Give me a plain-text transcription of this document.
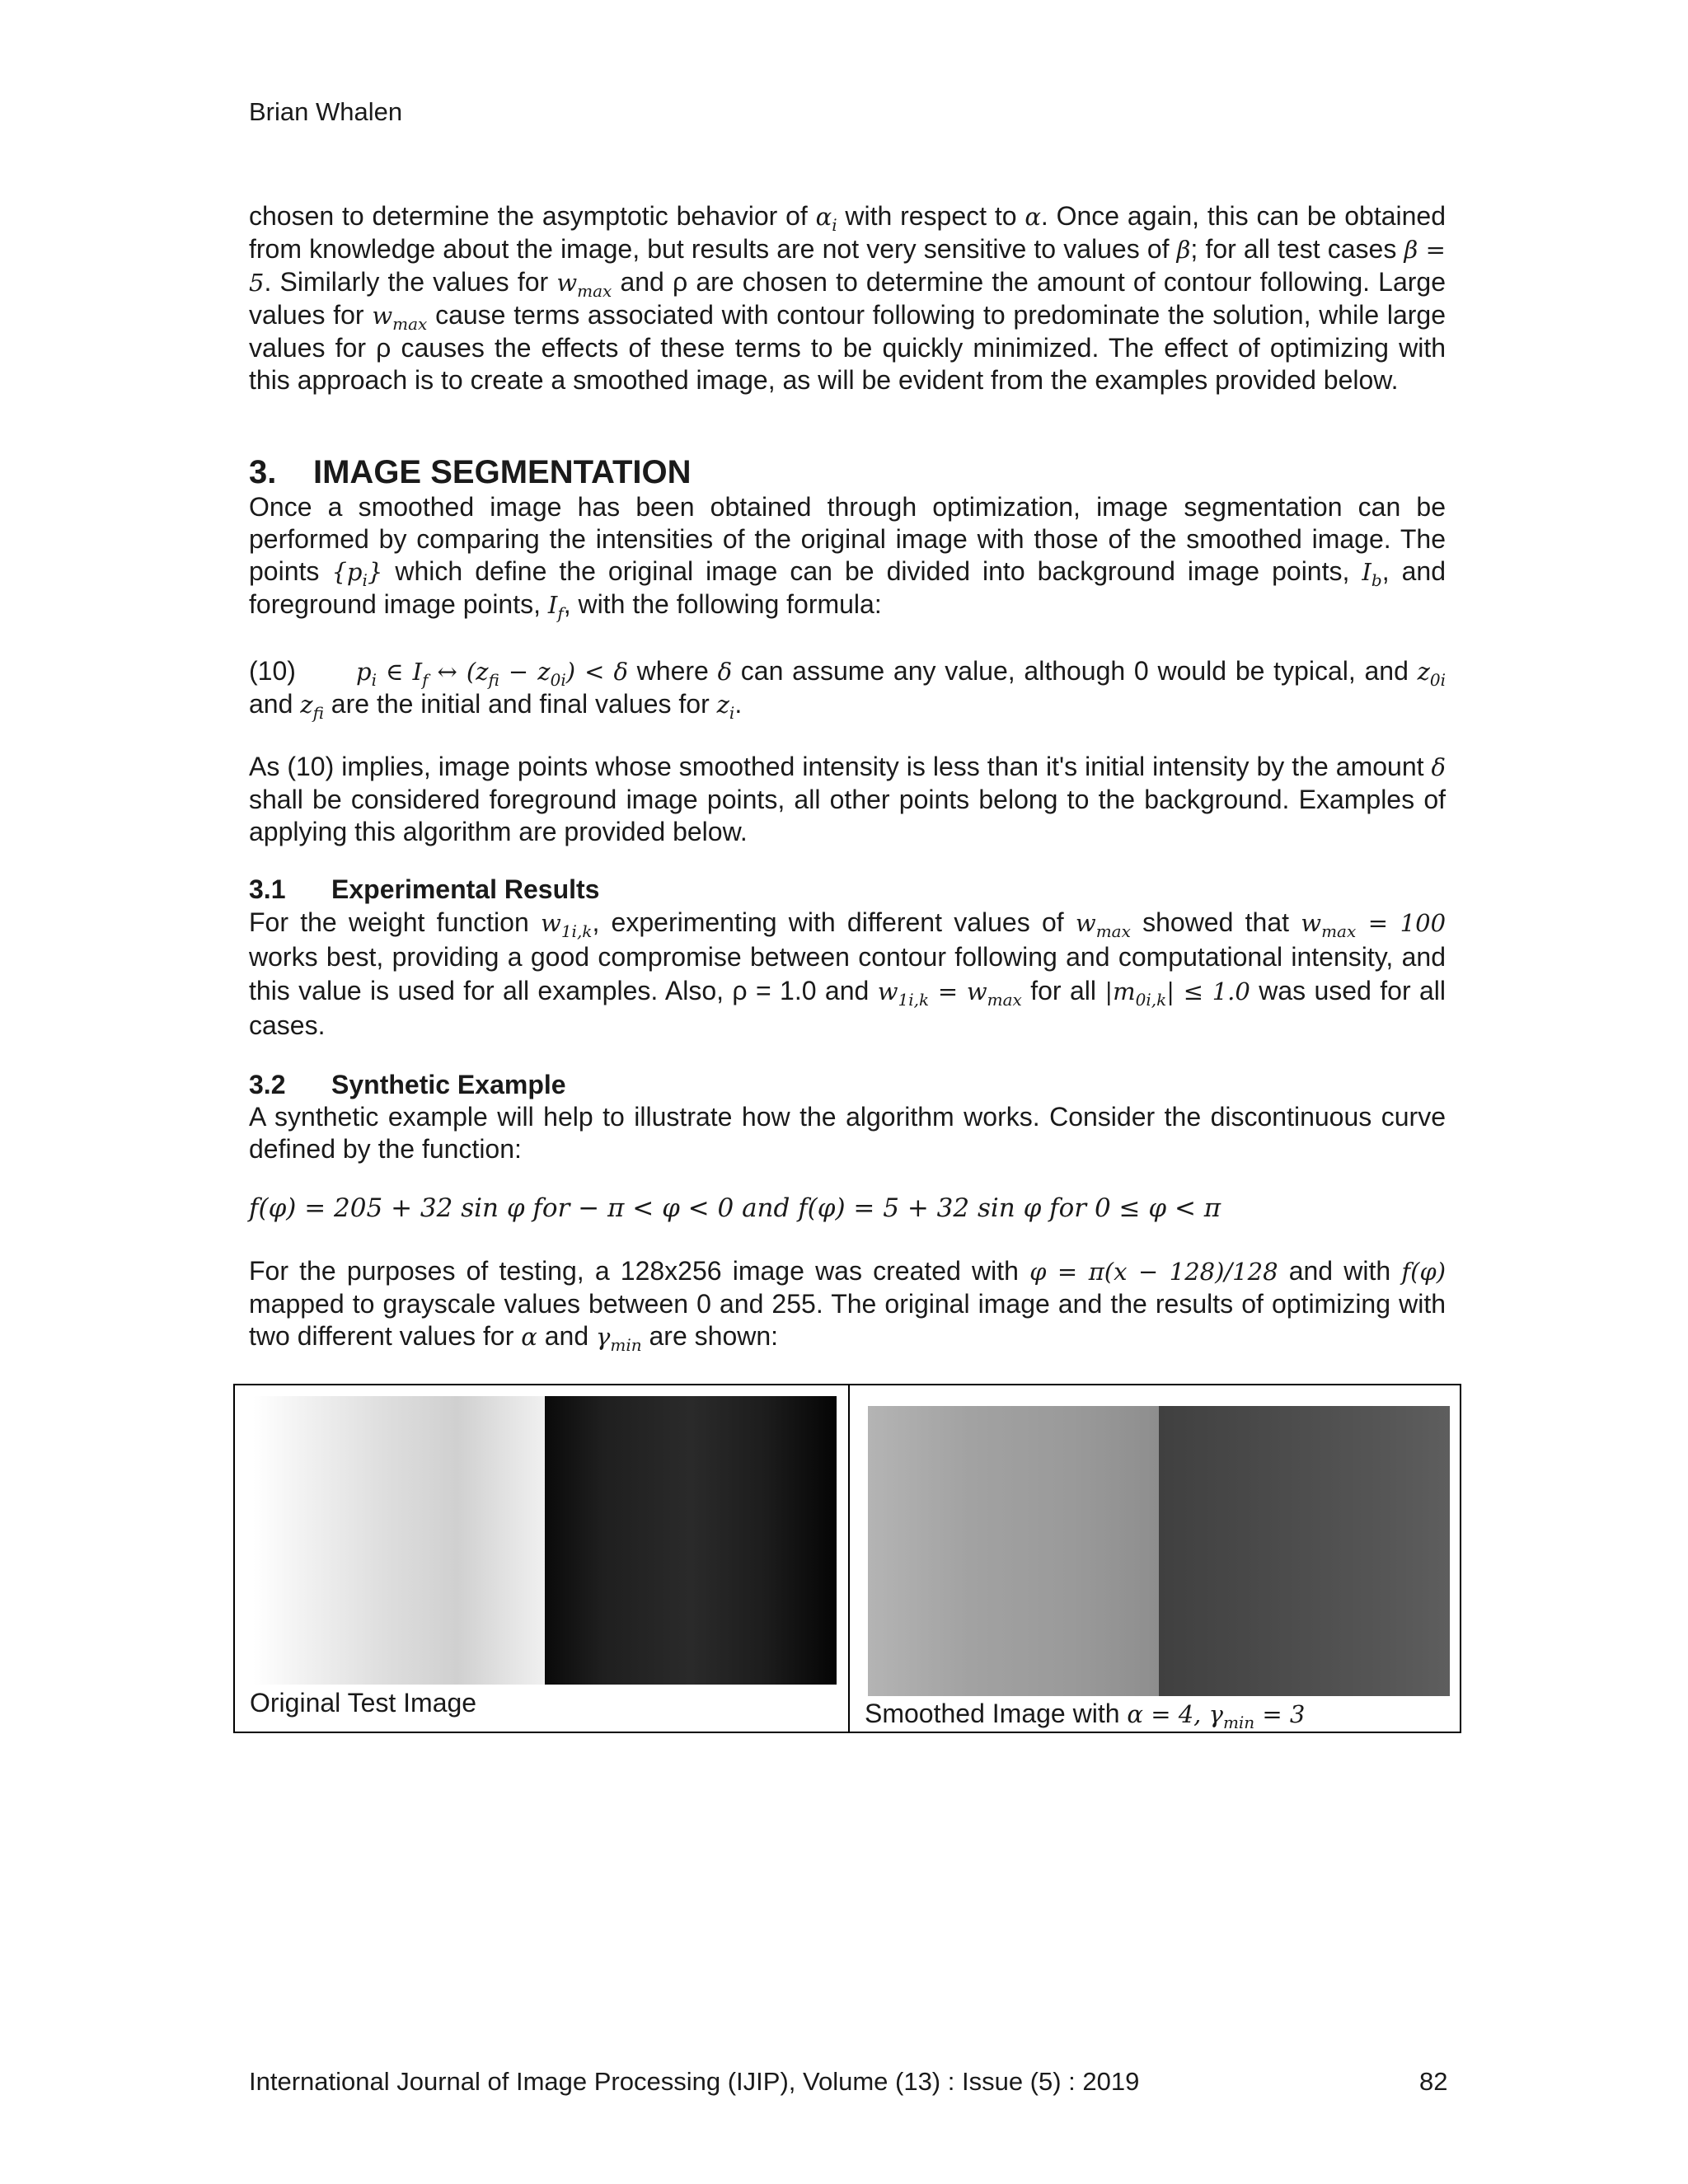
Brian Whalen

chosen to determine the asymptotic behavior of $\alpha_i$ with respect to α. Once again, this can be obtained from knowledge about the image, but results are not very sensitive to values of β; for all test cases β = 5. Similarly the values for $w_{max}$ and ρ are chosen to determine the amount of contour following. Large values for $w_{max}$ cause terms associated with contour following to predominate the solution, while large values for ρ causes the effects of these terms to be quickly minimized. The effect of optimizing with this approach is to create a smoothed image, as will be evident from the examples provided below.

3. IMAGE SEGMENTATION

Once a smoothed image has been obtained through optimization, image segmentation can be performed by comparing the intensities of the original image with those of the smoothed image. The points $\{p_i\}$ which define the original image can be divided into background image points, $I_b$, and foreground image points, $I_f$, with the following formula:

(10)	$p_i$ ∈ $I_f$ ↔ $(z_{fi} - z_{0i}) < \delta$ where δ can assume any value, although 0 would be typical, and $z_{0i}$ and $z_{fi}$ are the initial and final values for $z_i$.

As (10) implies, image points whose smoothed intensity is less than it's initial intensity by the amount δ shall be considered foreground image points, all other points belong to the background. Examples of applying this algorithm are provided below.

3.1 Experimental Results

For the weight function $w_{1i,k}$, experimenting with different values of $w_{max}$ showed that $w_{max} = 100$ works best, providing a good compromise between contour following and computational intensity, and this value is used for all examples. Also, ρ = 1.0 and $w_{1i,k} = w_{max}$ for all $|m_{0i,k}| \le 1.0$ was used for all cases.

3.2 Synthetic Example

A synthetic example will help to illustrate how the algorithm works. Consider the discontinuous curve defined by the function:

f(φ) = 205 + 32 sin φ for − π < φ < 0 and f(φ) = 5 + 32 sin φ for 0 ≤ φ < π

For the purposes of testing, a 128x256 image was created with φ = π(x − 128)/128 and with f(φ) mapped to grayscale values between 0 and 255. The original image and the results of optimizing with two different values for α and $\gamma_{min}$ are shown:

Original Test Image	Smoothed Image with α = 4, $\gamma_{min} = 3$
International Journal of Image Processing (IJIP), Volume (13) : Issue (5) : 2019	82
